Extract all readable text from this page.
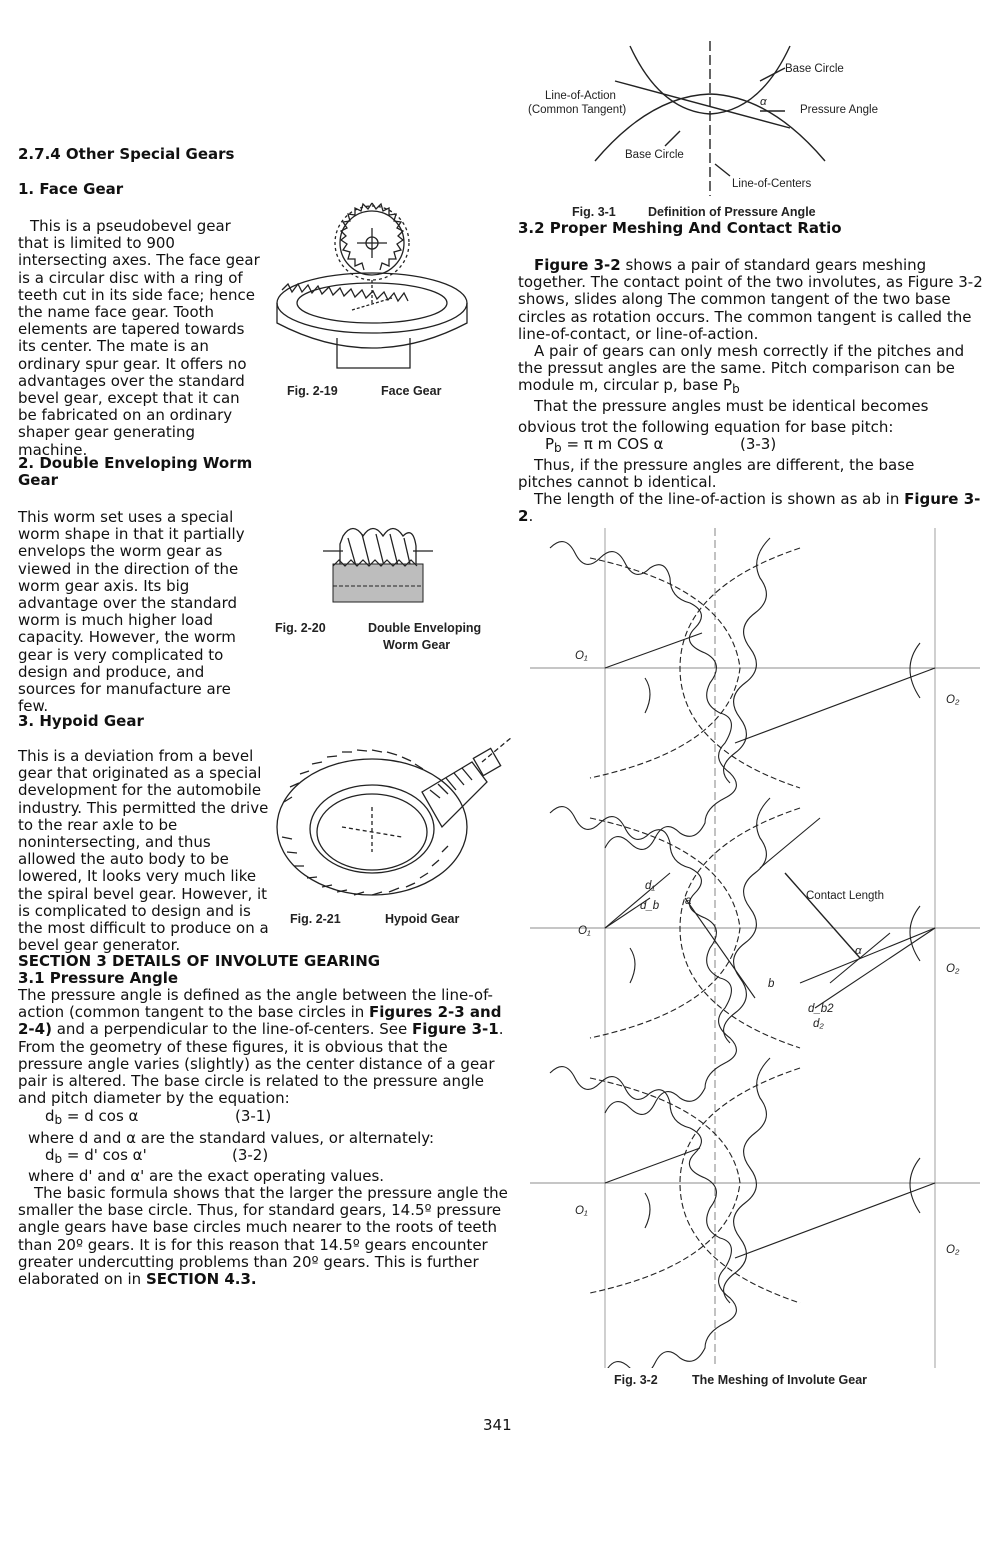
2.7.4 Other Special Gears
1. Face Gear
This is a pseudobevel gear that is limited to 900 intersecting axes. The face gear is a circular disc with a ring of teeth cut in its side face; hence the name face gear. Tooth elements are tapered towards its center. The mate is an ordinary spur gear. It offers no advantages over the standard bevel gear, except that it can be fabricated on an ordinary shaper gear generating machine.
2. Double Enveloping Worm Gear
This worm set uses a special worm shape in that it partially envelops the worm gear as viewed in the direction of the worm gear axis. Its big advantage over the standard worm is much higher load capacity. However, the worm gear is very complicated to design and produce, and sources for manufacture are few.
3. Hypoid Gear
This is a deviation from a bevel gear that originated as a special development for the automobile industry. This permitted the drive to the rear axle to be nonintersecting, and thus allowed the auto body to be lowered, It looks very much like the spiral bevel gear. However, it is complicated to design and is the most difficult to produce on a bevel gear generator.
SECTION 3 DETAILS OF INVOLUTE GEARING
3.1 Pressure Angle
The pressure angle is defined as the angle between the line-of-action (common tangent to the base circles in Figures 2-3 and 2-4) and a perpendicular to the line-of-centers. See Figure 3-1. From the geometry of these figures, it is obvious that the pressure angle varies (slightly) as the center distance of a gear pair is altered. The base circle is related to the pressure angle and pitch diameter by the equation:
$d_b = d$ cos α	(3-1)
where d and α are the standard values, or alternately:
$d_b = d'$ cos α'	(3-2)
where d' and α' are the exact operating values.
The basic formula shows that the larger the pressure angle the smaller the base circle. Thus, for standard gears, 14.5º pressure angle gears have base circles much nearer to the roots of teeth than 20º gears. It is for this reason that 14.5º gears encounter greater undercutting problems than 20º gears. This is further elaborated on in SECTION 4.3.
Fig. 2-19	Face Gear
Fig. 2-20	Double Enveloping
Worm Gear
Fig. 2-21	Hypoid Gear
Base Circle
Line-of-Action
(Common Tangent)
α
Pressure Angle
Base Circle
Line-of-Centers
Fig. 3-1	Definition of Pressure Angle
3.2 Proper Meshing And Contact Ratio
Figure 3-2 shows a pair of standard gears meshing together. The contact point of the two involutes, as Figure 3-2 shows, slides along The common tangent of the two base circles as rotation occurs. The common tangent is called the line-of-contact, or line-of-action.
A pair of gears can only mesh correctly if the pitches and the pressut angles are the same. Pitch comparison can be module m, circular p, base $P_b$
That the pressure angles must be identical becomes
obvious trot the following equation for base pitch:
$P_b = \pi$ m COS α	(3-3)
Thus, if the pressure angles are different, the base pitches cannot b identical.
The length of the line-of-action is shown as ab in Figure 3-2.
O₁
O₂
Contact Length
a
b
O₁
O₂
α
d₁
d_b
d_b2
d₂
O₁
O₂
Fig. 3-2	The Meshing of Involute Gear
341
